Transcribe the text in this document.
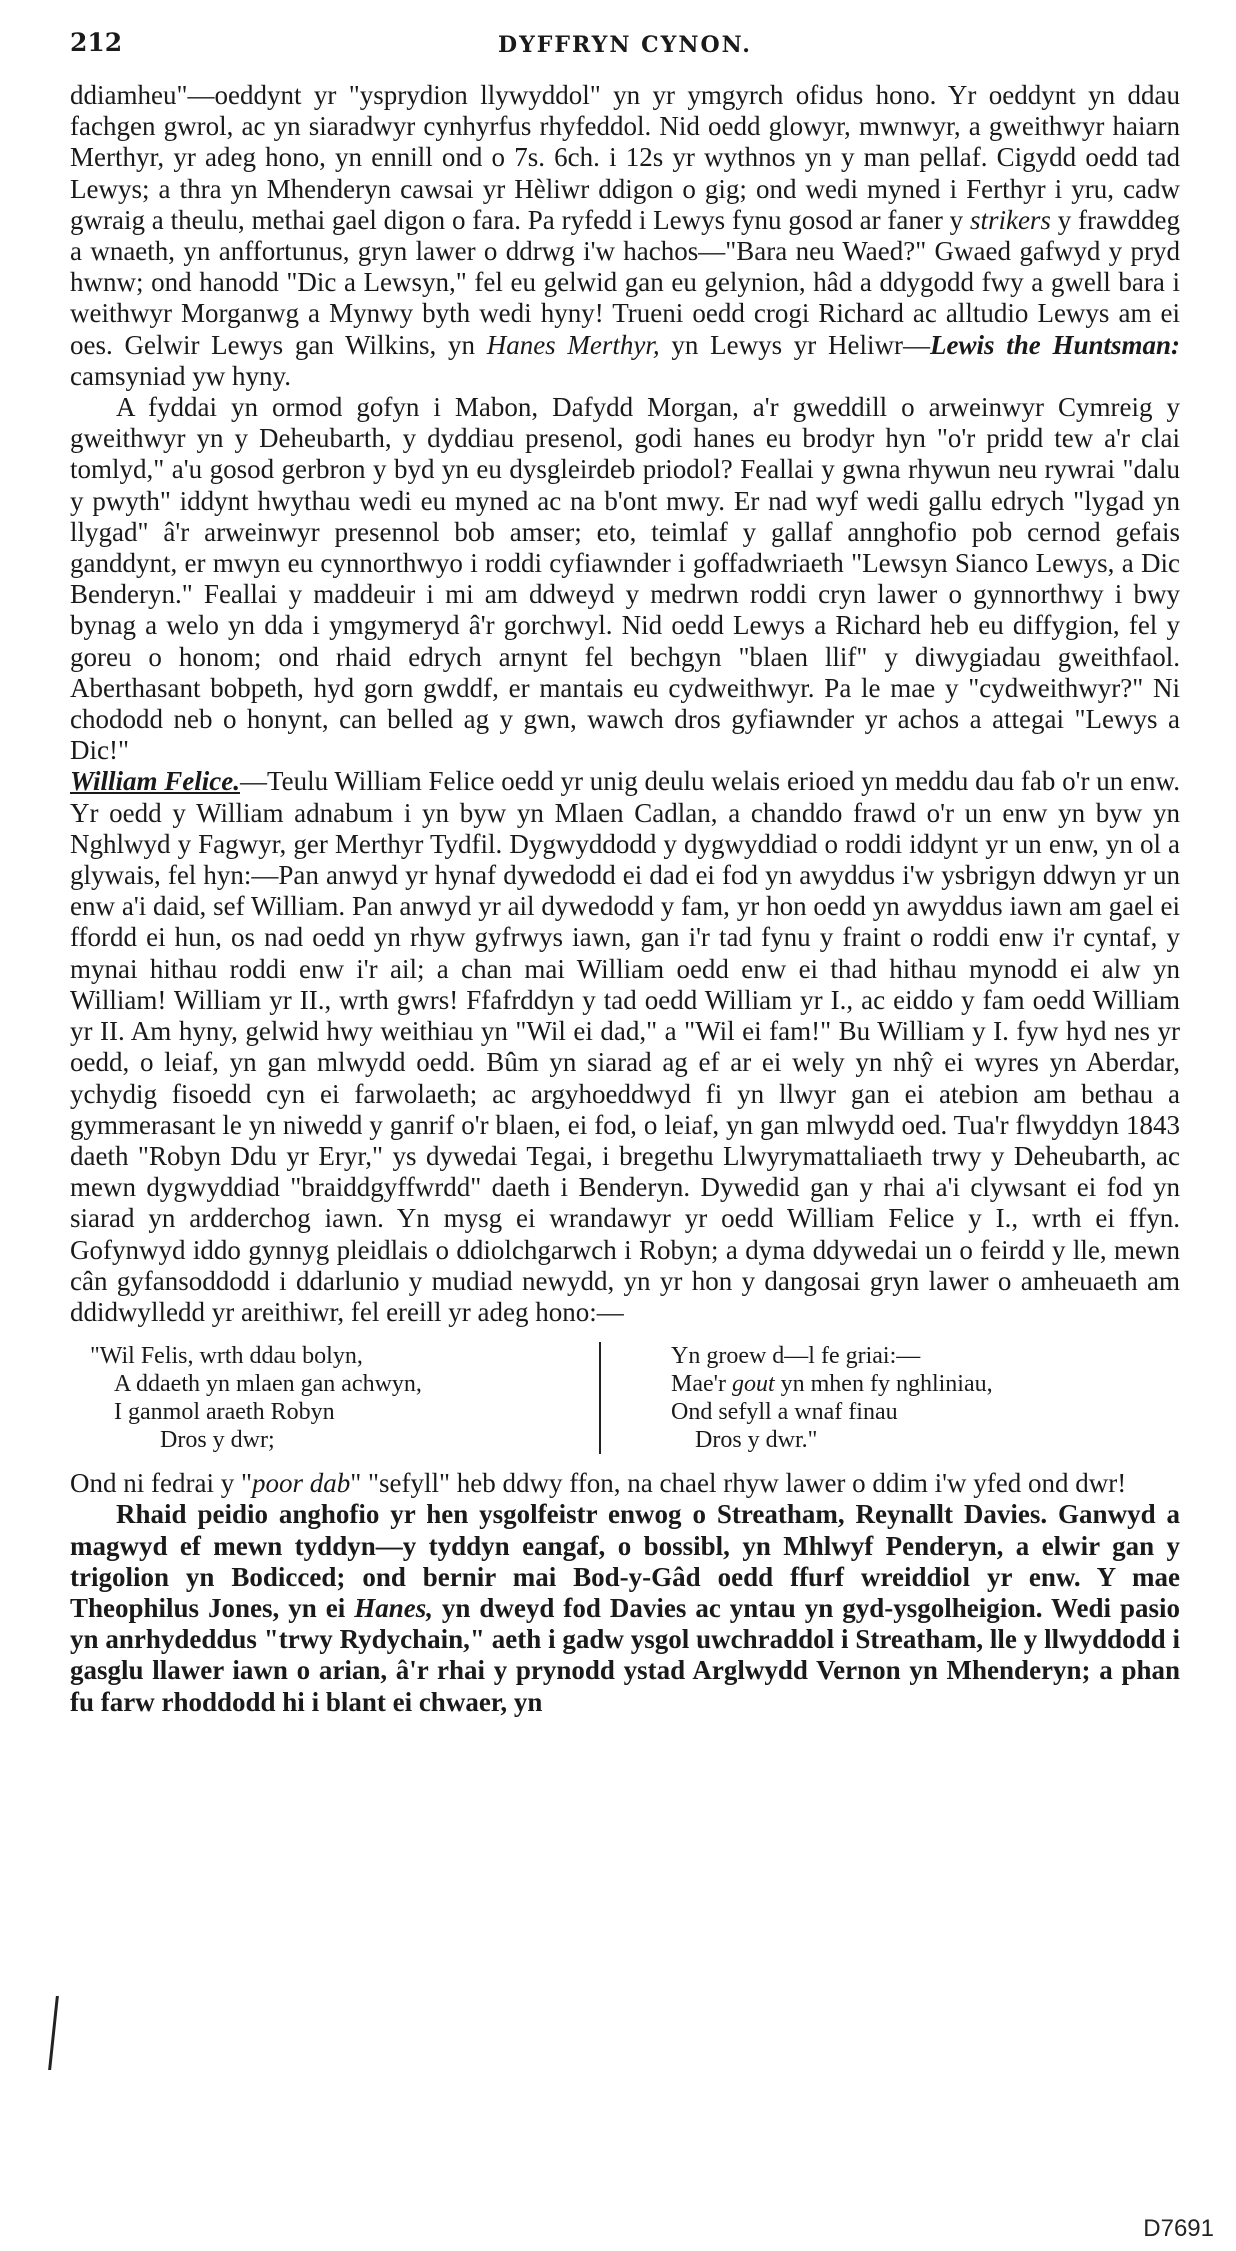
212	DYFFRYN CYNON.

ddiamheu"—oeddynt yr "ysprydion llywyddol" yn yr ymgyrch ofidus hono. Yr oeddynt yn ddau fachgen gwrol, ac yn siaradwyr cynhyrfus rhyfeddol. Nid oedd glowyr, mwnwyr, a gweithwyr haiarn Merthyr, yr adeg hono, yn ennill ond o 7s. 6ch. i 12s yr wythnos yn y man pellaf. Cigydd oedd tad Lewys; a thra yn Mhenderyn cawsai yr Hèliwr ddigon o gig; ond wedi myned i Ferthyr i yru, cadw gwraig a theulu, methai gael digon o fara. Pa ryfedd i Lewys fynu gosod ar faner y strikers y frawddeg a wnaeth, yn anffortunus, gryn lawer o ddrwg i'w hachos—"Bara neu Waed?" Gwaed gafwyd y pryd hwnw; ond hanodd "Dic a Lewsyn," fel eu gelwid gan eu gelynion, hâd a ddygodd fwy a gwell bara i weithwyr Morganwg a Mynwy byth wedi hyny! Trueni oedd crogi Richard ac alltudio Lewys am ei oes. Gelwir Lewys gan Wilkins, yn Hanes Merthyr, yn Lewys yr Heliwr—Lewis the Huntsman: camsyniad yw hyny.

A fyddai yn ormod gofyn i Mabon, Dafydd Morgan, a'r gweddill o arweinwyr Cymreig y gweithwyr yn y Deheubarth, y dyddiau presenol, godi hanes eu brodyr hyn "o'r pridd tew a'r clai tomlyd," a'u gosod gerbron y byd yn eu dysgleirdeb priodol? Feallai y gwna rhywun neu rywrai "dalu y pwyth" iddynt hwythau wedi eu myned ac na b'ont mwy. Er nad wyf wedi gallu edrych "lygad yn llygad" â'r arweinwyr presennol bob amser; eto, teimlaf y gallaf annghofio pob cernod gefais ganddynt, er mwyn eu cynnorthwyo i roddi cyfiawnder i goffadwriaeth "Lewsyn Sianco Lewys, a Dic Benderyn." Feallai y maddeuir i mi am ddweyd y medrwn roddi cryn lawer o gynnorthwy i bwy bynag a welo yn dda i ymgymeryd â'r gorchwyl. Nid oedd Lewys a Richard heb eu diffygion, fel y goreu o honom; ond rhaid edrych arnynt fel bechgyn "blaen llif" y diwygiadau gweithfaol. Aberthasant bobpeth, hyd gorn gwddf, er mantais eu cydweithwyr. Pa le mae y "cydweithwyr?" Ni chododd neb o honynt, can belled ag y gwn, wawch dros gyfiawnder yr achos a attegai "Lewys a Dic!"

William Felice.—Teulu William Felice oedd yr unig deulu welais erioed yn meddu dau fab o'r un enw. Yr oedd y William adnabum i yn byw yn Mlaen Cadlan, a chanddo frawd o'r un enw yn byw yn Nghlwyd y Fagwyr, ger Merthyr Tydfil. Dygwyddodd y dygwyddiad o roddi iddynt yr un enw, yn ol a glywais, fel hyn:—Pan anwyd yr hynaf dywedodd ei dad ei fod yn awyddus i'w ysbrigyn ddwyn yr un enw a'i daid, sef William. Pan anwyd yr ail dywedodd y fam, yr hon oedd yn awyddus iawn am gael ei ffordd ei hun, os nad oedd yn rhyw gyfrwys iawn, gan i'r tad fynu y fraint o roddi enw i'r cyntaf, y mynai hithau roddi enw i'r ail; a chan mai William oedd enw ei thad hithau mynodd ei alw yn William! William yr II., wrth gwrs! Ffafrddyn y tad oedd William yr I., ac eiddo y fam oedd William yr II. Am hyny, gelwid hwy weithiau yn "Wil ei dad," a "Wil ei fam!" Bu William y I. fyw hyd nes yr oedd, o leiaf, yn gan mlwydd oedd. Bûm yn siarad ag ef ar ei wely yn nhŷ ei wyres yn Aberdar, ychydig fisoedd cyn ei farwolaeth; ac argyhoeddwyd fi yn llwyr gan ei atebion am bethau a gymmerasant le yn niwedd y ganrif o'r blaen, ei fod, o leiaf, yn gan mlwydd oed. Tua'r flwyddyn 1843 daeth "Robyn Ddu yr Eryr," ys dywedai Tegai, i bregethu Llwyrymattaliaeth trwy y Deheubarth, ac mewn dygwyddiad "braiddgyffwrdd" daeth i Benderyn. Dywedid gan y rhai a'i clywsant ei fod yn siarad yn ardderchog iawn. Yn mysg ei wrandawyr yr oedd William Felice y I., wrth ei ffyn. Gofynwyd iddo gynnyg pleidlais o ddiolchgarwch i Robyn; a dyma ddywedai un o feirdd y lle, mewn cân gyfansoddodd i ddarlunio y mudiad newydd, yn yr hon y dangosai gryn lawer o amheuaeth am ddidwylledd yr areithiwr, fel ereill yr adeg hono:—

"Wil Felis, wrth ddau bolyn,
A ddaeth yn mlaen gan achwyn,
I ganmol araeth Robyn
Dros y dwr;
Yn groew d—l fe griai:—
Mae'r gout yn mhen fy nghliniau,
Ond sefyll a wnaf finau
Dros y dwr."

Ond ni fedrai y "poor dab" "sefyll" heb ddwy ffon, na chael rhyw lawer o ddim i'w yfed ond dwr!

Rhaid peidio anghofio yr hen ysgolfeistr enwog o Streatham, Reynallt Davies. Ganwyd a magwyd ef mewn tyddyn—y tyddyn eangaf, o bossibl, yn Mhlwyf Penderyn, a elwir gan y trigolion yn Bodicced; ond bernir mai Bod-y-Gâd oedd ffurf wreiddiol yr enw. Y mae Theophilus Jones, yn ei Hanes, yn dweyd fod Davies ac yntau yn gyd-ysgolheigion. Wedi pasio yn anrhydeddus "trwy Rydychain," aeth i gadw ysgol uwchraddol i Streatham, lle y llwyddodd i gasglu llawer iawn o arian, â'r rhai y prynodd ystad Arglwydd Vernon yn Mhenderyn; a phan fu farw rhoddodd hi i blant ei chwaer, yn

D7691
